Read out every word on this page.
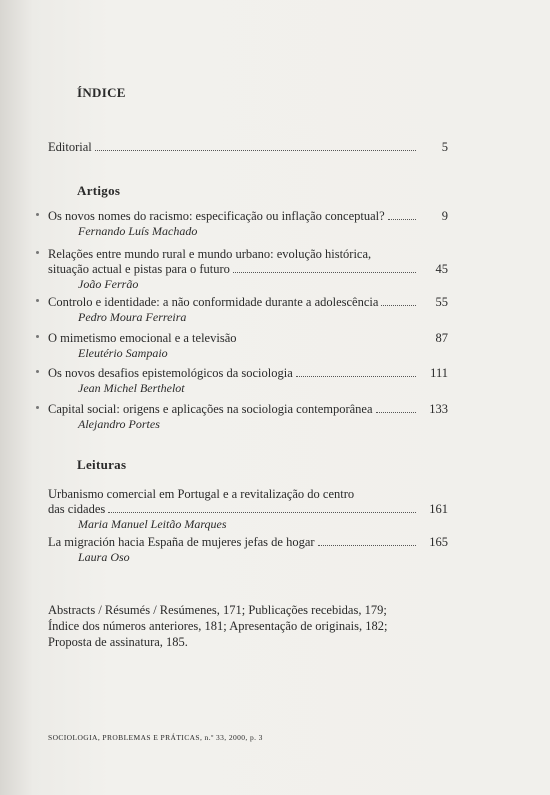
ÍNDICE
Editorial	5
Artigos
Os novos nomes do racismo: especificação ou inflação conceptual?	9
Fernando Luís Machado
Relações entre mundo rural e mundo urbano: evolução histórica,
situação actual e pistas para o futuro	45
João Ferrão
Controlo e identidade: a não conformidade durante a adolescência	55
Pedro Moura Ferreira
O mimetismo emocional e a televisão	87
Eleutério Sampaio
Os novos desafios epistemológicos da sociologia	111
Jean Michel Berthelot
Capital social: origens e aplicações na sociologia contemporânea	133
Alejandro Portes
Leituras
Urbanismo comercial em Portugal e a revitalização do centro
das cidades	161
Maria Manuel Leitão Marques
La migración hacia España de mujeres jefas de hogar	165
Laura Oso
Abstracts / Résumés / Resúmenes, 171; Publicações recebidas, 179; Índice dos números anteriores, 181; Apresentação de originais, 182; Proposta de assinatura, 185.
SOCIOLOGIA, PROBLEMAS E PRÁTICAS, n.º 33, 2000, p. 3
